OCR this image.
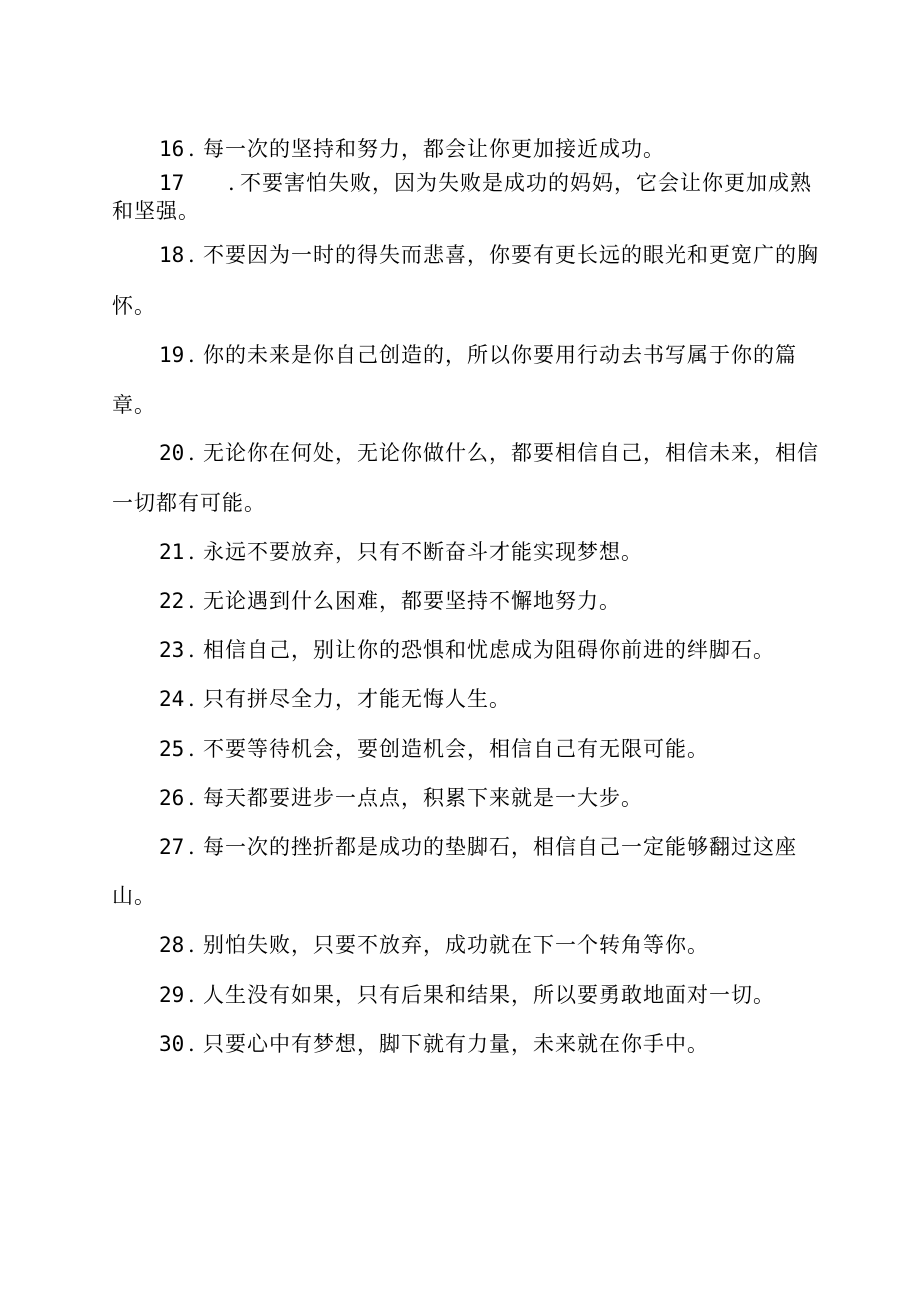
16 . 每一次的坚持和努力，都会让你更加接近成功。
17 . 不要害怕失败，因为失败是成功的妈妈，它会让你更加成熟
和坚强。
18 . 不要因为一时的得失而悲喜，你要有更长远的眼光和更宽广的胸
怀。
19 . 你的未来是你自己创造的，所以你要用行动去书写属于你的篇
章。
20 . 无论你在何处，无论你做什么，都要相信自己，相信未来，相信
一切都有可能。
21 . 永远不要放弃，只有不断奋斗才能实现梦想。
22 . 无论遇到什么困难，都要坚持不懈地努力。
23 . 相信自己，别让你的恐惧和忧虑成为阻碍你前进的绊脚石。
24 . 只有拼尽全力，才能无悔人生。
25 . 不要等待机会，要创造机会，相信自己有无限可能。
26 . 每天都要进步一点点，积累下来就是一大步。
27 . 每一次的挫折都是成功的垫脚石，相信自己一定能够翻过这座
山。
28 . 别怕失败，只要不放弃，成功就在下一个转角等你。
29 . 人生没有如果，只有后果和结果，所以要勇敢地面对一切。
30 . 只要心中有梦想，脚下就有力量，未来就在你手中。
